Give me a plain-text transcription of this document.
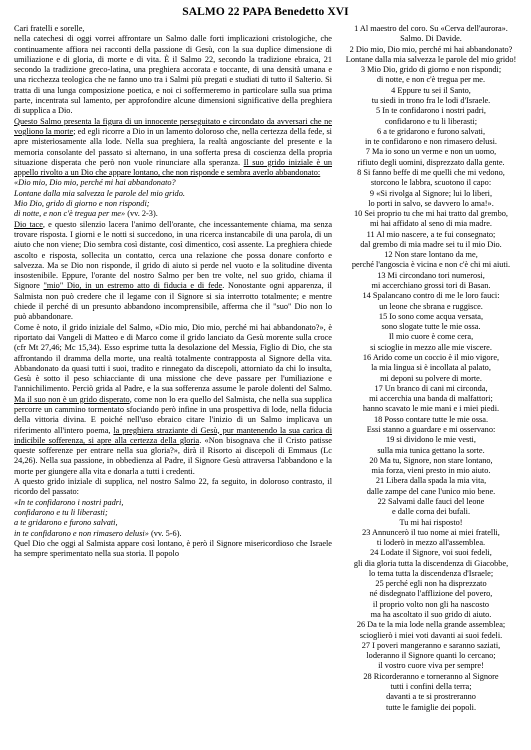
SALMO 22 PAPA Benedetto XVI

Cari fratelli e sorelle,

nella catechesi di oggi vorrei affrontare un Salmo dalle forti implicazioni cristologiche, che continuamente affiora nei racconti della passione di Gesù, con la sua duplice dimensione di umiliazione e di gloria, di morte e di vita. È il Salmo 22, secondo la tradizione ebraica, 21 secondo la tradizione greco-latina, una preghiera accorata e toccante, di una densità umana e una ricchezza teologica che ne fanno uno tra i Salmi più pregati e studiati di tutto il Salterio. Si tratta di una lunga composizione poetica, e noi ci soffermeremo in particolare sulla sua prima parte, incentrata sul lamento, per approfondire alcune dimensioni significative della preghiera di supplica a Dio.

Questo Salmo presenta la figura di un innocente perseguitato e circondato da avversari che ne vogliono la morte; ed egli ricorre a Dio in un lamento doloroso che, nella certezza della fede, si apre misteriosamente alla lode. Nella sua preghiera, la realtà angosciante del presente e la memoria consolante del passato si alternano, in una sofferta presa di coscienza della propria situazione disperata che però non vuole rinunciare alla speranza. Il suo grido iniziale è un appello rivolto a un Dio che appare lontano, che non risponde e sembra averlo abbandonato:

«Dio mio, Dio mio, perché mi hai abbandonato?
Lontane dalla mia salvezza le parole del mio grido.
Mio Dio, grido di giorno e non rispondi;
di notte, e non c'è tregua per me» (vv. 2-3).

Dio tace, e questo silenzio lacera l'animo dell'orante, che incessantemente chiama, ma senza trovare risposta. I giorni e le notti si succedono, in una ricerca instancabile di una parola, di un aiuto che non viene; Dio sembra così distante, così dimentico, così assente. La preghiera chiede ascolto e risposta, sollecita un contatto, cerca una relazione che possa donare conforto e salvezza. Ma se Dio non risponde, il grido di aiuto si perde nel vuoto e la solitudine diventa insostenibile. Eppure, l'orante del nostro Salmo per ben tre volte, nel suo grido, chiama il Signore "mio" Dio, in un estremo atto di fiducia e di fede. Nonostante ogni apparenza, il Salmista non può credere che il legame con il Signore si sia interrotto totalmente; e mentre chiede il perché di un presunto abbandono incomprensibile, afferma che il "suo" Dio non lo può abbandonare.

Come è noto, il grido iniziale del Salmo, «Dio mio, Dio mio, perché mi hai abbandonato?», è riportato dai Vangeli di Matteo e di Marco come il grido lanciato da Gesù morente sulla croce (cfr Mt 27,46; Mc 15,34). Esso esprime tutta la desolazione del Messia, Figlio di Dio, che sta affrontando il dramma della morte, una realtà totalmente contrapposta al Signore della vita. Abbandonato da quasi tutti i suoi, tradito e rinnegato da discepoli, attorniato da chi lo insulta, Gesù è sotto il peso schiacciante di una missione che deve passare per l'umiliazione e l'annichilimento. Perciò grida al Padre, e la sua sofferenza assume le parole dolenti del Salmo. Ma il suo non è un grido disperato, come non lo era quello del Salmista, che nella sua supplica percorre un cammino tormentato sfociando però infine in una prospettiva di lode, nella fiducia della vittoria divina. E poiché nell'uso ebraico citare l'inizio di un Salmo implicava un riferimento all'intero poema, la preghiera straziante di Gesù, pur mantenendo la sua carica di indicibile sofferenza, si apre alla certezza della gloria. «Non bisognava che il Cristo patisse queste sofferenze per entrare nella sua gloria?», dirà il Risorto ai discepoli di Emmaus (Lc 24,26). Nella sua passione, in obbedienza al Padre, il Signore Gesù attraversa l'abbandono e la morte per giungere alla vita e donarla a tutti i credenti.

A questo grido iniziale di supplica, nel nostro Salmo 22, fa seguito, in doloroso contrasto, il ricordo del passato:

«In te confidarono i nostri padri,
confidarono e tu li liberasti;
a te gridarono e furono salvati,
in te confidarono e non rimasero delusi» (vv. 5-6).

Quel Dio che oggi al Salmista appare così lontano, è però il Signore misericordioso che Israele ha sempre sperimentato nella sua storia. Il popolo

1 Al maestro del coro. Su «Cerva dell'aurora».
Salmo. Di Davide.
2 Dio mio, Dio mio, perché mi hai abbandonato?
Lontane dalla mia salvezza le parole del mio grido!
3 Mio Dio, grido di giorno e non rispondi;
di notte, e non c'è tregua per me.
4 Eppure tu sei il Santo,
tu siedi in trono fra le lodi d'Israele.
5 In te confidarono i nostri padri,
confidarono e tu li liberasti;
6 a te gridarono e furono salvati,
in te confidarono e non rimasero delusi.
7 Ma io sono un verme e non un uomo,
rifiuto degli uomini, disprezzato dalla gente.
8 Si fanno beffe di me quelli che mi vedono,
storcono le labbra, scuotono il capo:
9 «Si rivolga al Signore; lui lo liberi,
lo porti in salvo, se davvero lo ama!».
10 Sei proprio tu che mi hai tratto dal grembo,
mi hai affidato al seno di mia madre.
11 Al mio nascere, a te fui consegnato;
dal grembo di mia madre sei tu il mio Dio.
12 Non stare lontano da me,
perché l'angoscia è vicina e non c'è chi mi aiuti.
13 Mi circondano tori numerosi,
mi accerchiano grossi tori di Basan.
14 Spalancano contro di me le loro fauci:
un leone che sbrana e ruggisce.
15 Io sono come acqua versata,
sono slogate tutte le mie ossa.
Il mio cuore è come cera,
si scioglie in mezzo alle mie viscere.
16 Arido come un coccio è il mio vigore,
la mia lingua si è incollata al palato,
mi deponi su polvere di morte.
17 Un branco di cani mi circonda,
mi accerchia una banda di malfattori;
hanno scavato le mie mani e i miei piedi.
18 Posso contare tutte le mie ossa.
Essi stanno a guardare e mi osservano:
19 si dividono le mie vesti,
sulla mia tunica gettano la sorte.
20 Ma tu, Signore, non stare lontano,
mia forza, vieni presto in mio aiuto.
21 Libera dalla spada la mia vita,
dalle zampe del cane l'unico mio bene.
22 Salvami dalle fauci del leone
e dalle corna dei bufali.
Tu mi hai risposto!
23 Annuncerò il tuo nome ai miei fratelli,
ti loderò in mezzo all'assemblea.
24 Lodate il Signore, voi suoi fedeli,
gli dia gloria tutta la discendenza di Giacobbe,
lo tema tutta la discendenza d'Israele;
25 perché egli non ha disprezzato
né disdegnato l'afflizione del povero,
il proprio volto non gli ha nascosto
ma ha ascoltato il suo grido di aiuto.
26 Da te la mia lode nella grande assemblea;
scioglierò i miei voti davanti ai suoi fedeli.
27 I poveri mangeranno e saranno saziati,
loderanno il Signore quanti lo cercano;
il vostro cuore viva per sempre!
28 Ricorderanno e torneranno al Signore
tutti i confini della terra;
davanti a te si prostreranno
tutte le famiglie dei popoli.
